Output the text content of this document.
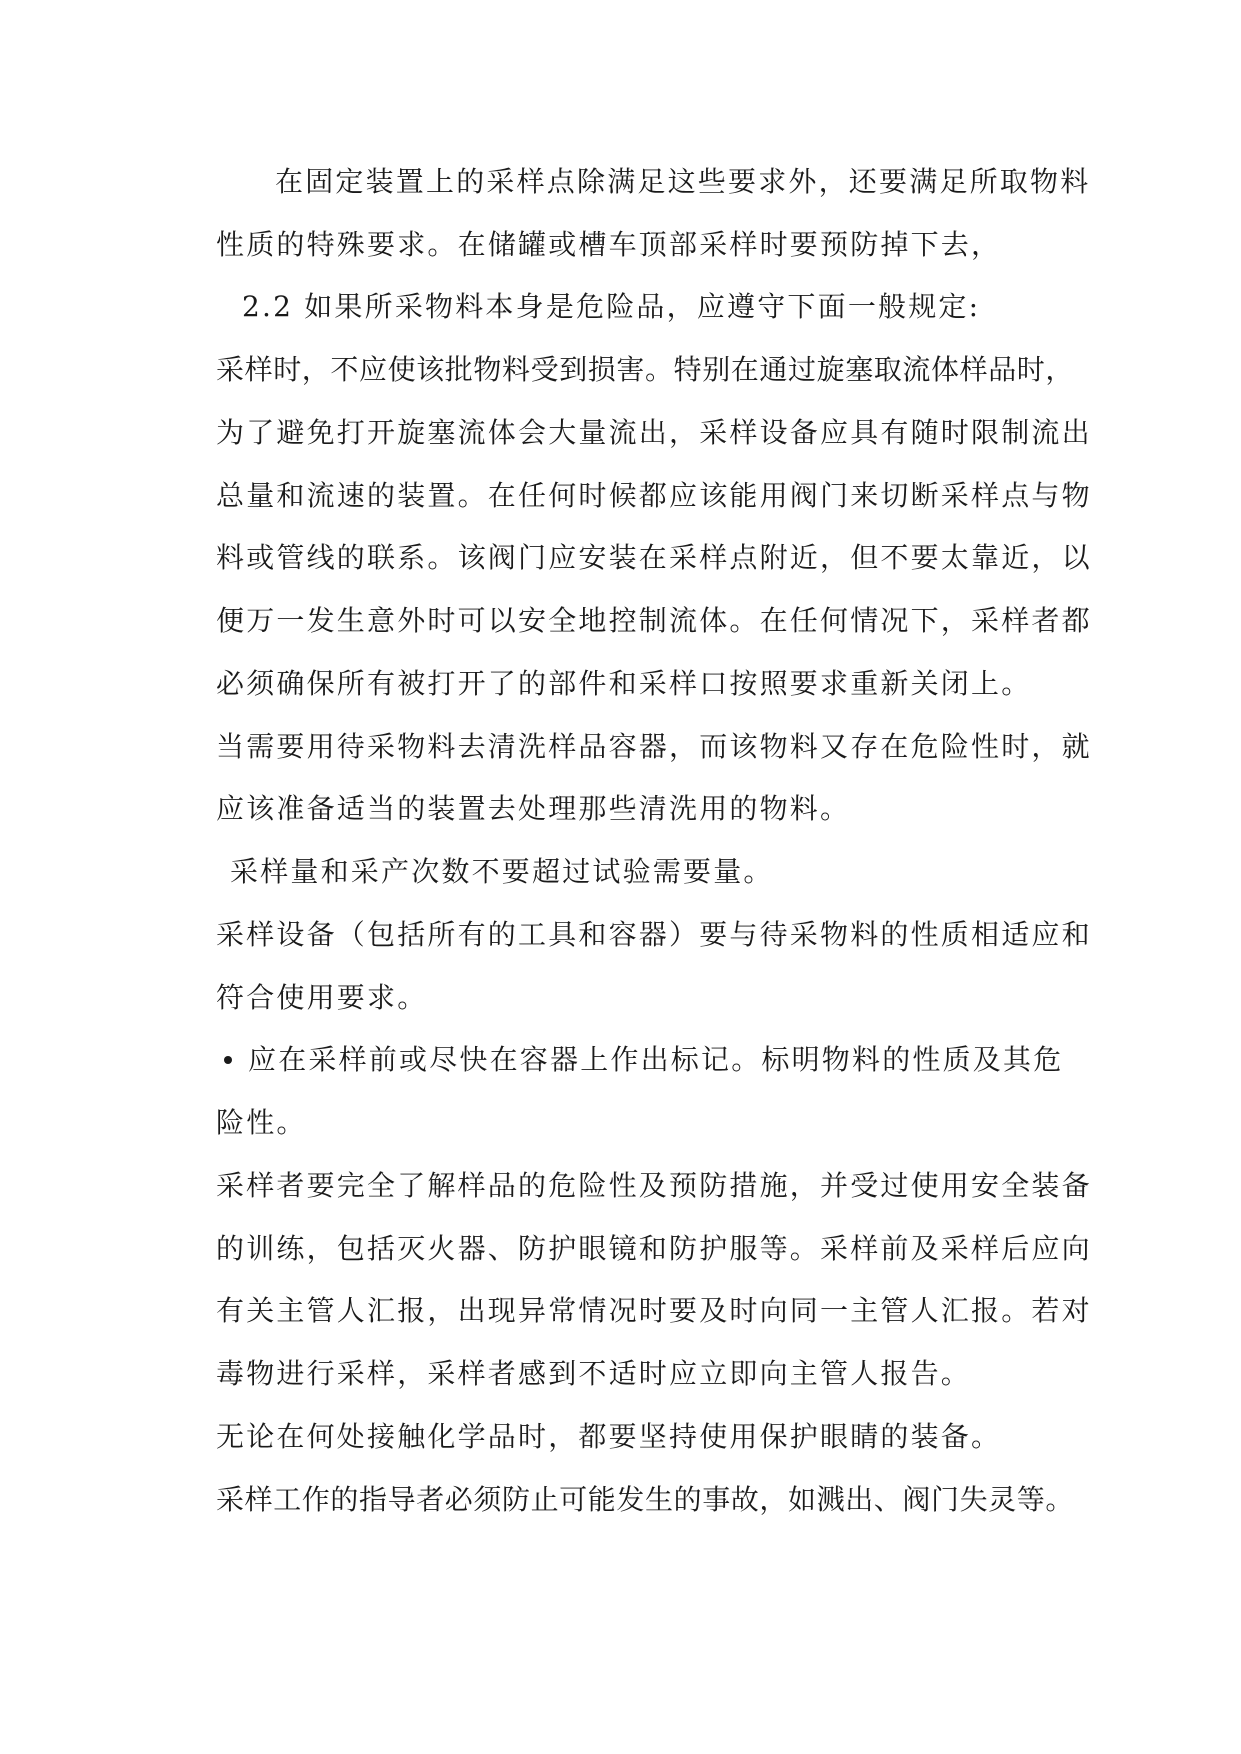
在固定装置上的采样点除满足这些要求外，还要满足所取物料
性质的特殊要求。在储罐或槽车顶部采样时要预防掉下去，
2.2 如果所采物料本身是危险品，应遵守下面一般规定:
采样时，不应使该批物料受到损害。特别在通过旋塞取流体样品时，
为了避免打开旋塞流体会大量流出，采样设备应具有随时限制流出
总量和流速的装置。在任何时候都应该能用阀门来切断采样点与物
料或管线的联系。该阀门应安装在采样点附近，但不要太靠近，以
便万一发生意外时可以安全地控制流体。在任何情况下，采样者都
必须确保所有被打开了的部件和采样口按照要求重新关闭上。
当需要用待采物料去清洗样品容器，而该物料又存在危险性时，就
应该准备适当的装置去处理那些清洗用的物料。
采样量和采产次数不要超过试验需要量。
采样设备（包括所有的工具和容器）要与待采物料的性质相适应和
符合使用要求。
应在采样前或尽快在容器上作出标记。标明物料的性质及其危
险性。
采样者要完全了解样品的危险性及预防措施，并受过使用安全装备
的训练，包括灭火器、防护眼镜和防护服等。采样前及采样后应向
有关主管人汇报，出现异常情况时要及时向同一主管人汇报。若对
毒物进行采样，采样者感到不适时应立即向主管人报告。
无论在何处接触化学品时，都要坚持使用保护眼睛的装备。
采样工作的指导者必须防止可能发生的事故，如溅出、阀门失灵等。
